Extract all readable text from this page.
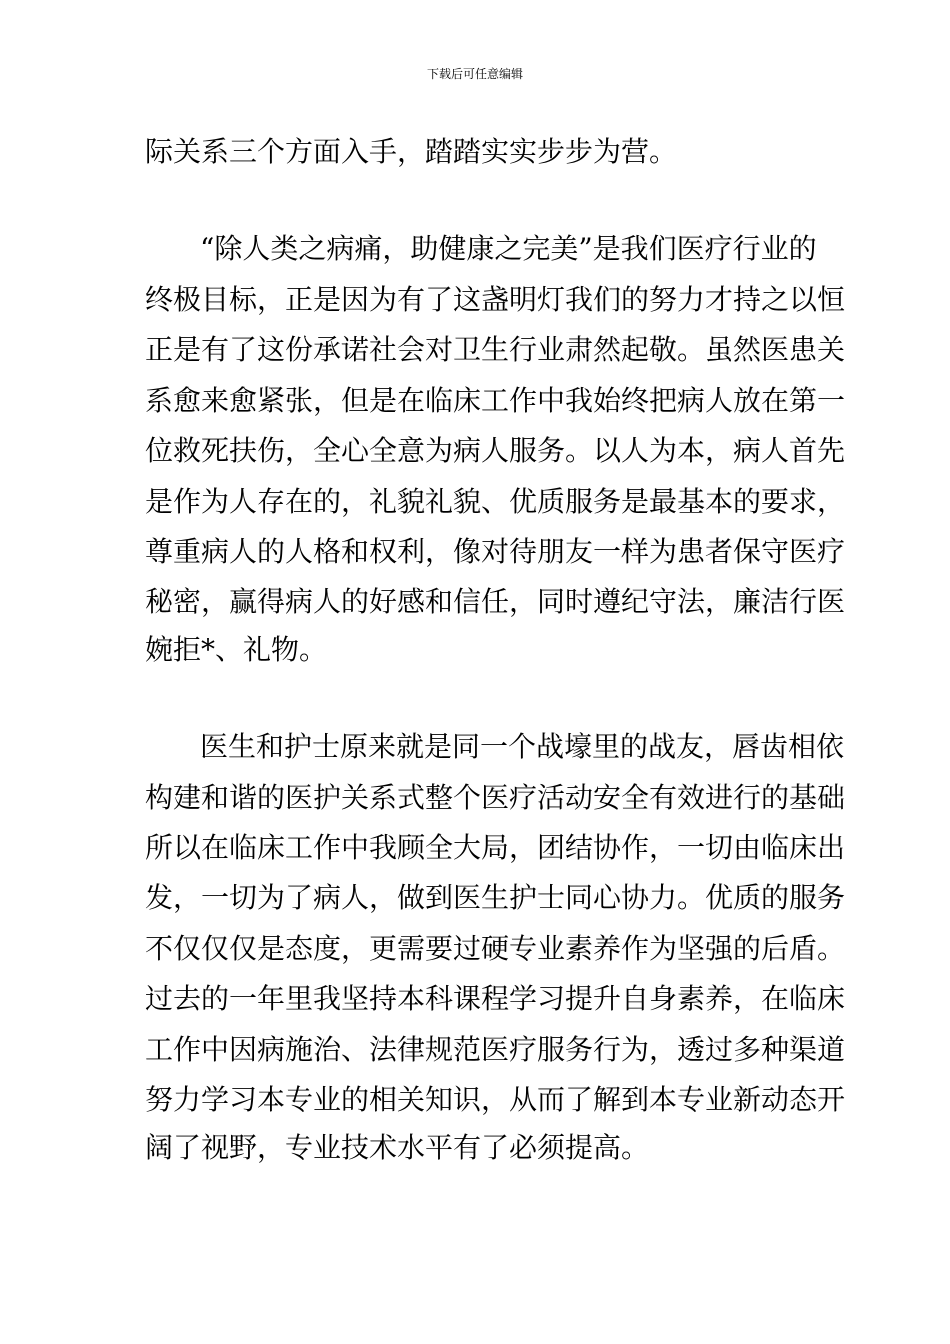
下载后可任意编辑
际关系三个方面入手，踏踏实实步步为营。
“除人类之病痛，助健康之完美”是我们医疗行业的
终极目标，正是因为有了这盏明灯我们的努力才持之以恒
正是有了这份承诺社会对卫生行业肃然起敬。虽然医患关
系愈来愈紧张，但是在临床工作中我始终把病人放在第一
位救死扶伤，全心全意为病人服务。以人为本，病人首先
是作为人存在的，礼貌礼貌、优质服务是最基本的要求，
尊重病人的人格和权利，像对待朋友一样为患者保守医疗
秘密，赢得病人的好感和信任，同时遵纪守法，廉洁行医
婉拒*、礼物。
医生和护士原来就是同一个战壕里的战友，唇齿相依
构建和谐的医护关系式整个医疗活动安全有效进行的基础
所以在临床工作中我顾全大局，团结协作，一切由临床出
发，一切为了病人，做到医生护士同心协力。优质的服务
不仅仅仅是态度，更需要过硬专业素养作为坚强的后盾。
过去的一年里我坚持本科课程学习提升自身素养，在临床
工作中因病施治、法律规范医疗服务行为，透过多种渠道
努力学习本专业的相关知识，从而了解到本专业新动态开
阔了视野，专业技术水平有了必须提高。
